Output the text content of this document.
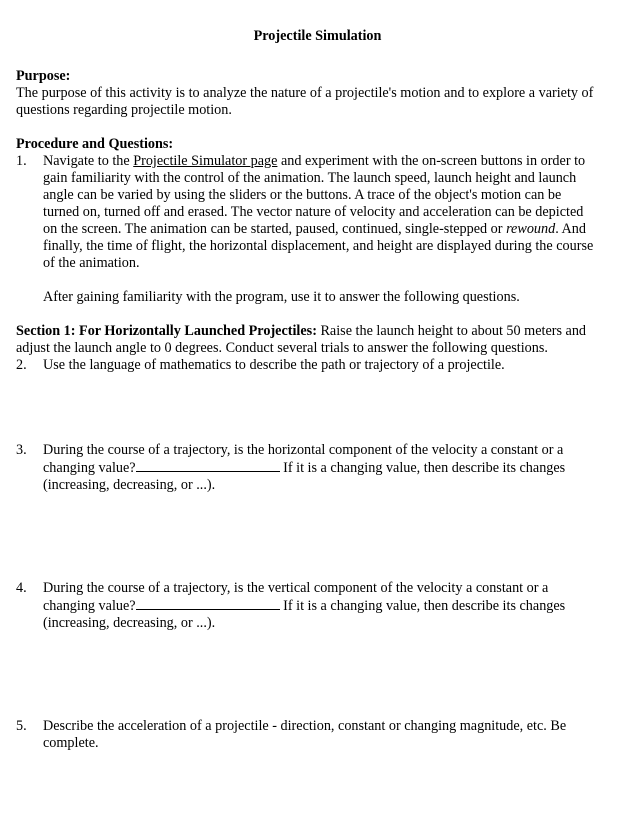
Projectile Simulation

Purpose:

The purpose of this activity is to analyze the nature of a projectile's motion and to explore a variety of questions regarding projectile motion.

Procedure and Questions:

1.	Navigate to the Projectile Simulator page and experiment with the on-screen buttons in order to gain familiarity with the control of the animation. The launch speed, launch height and launch angle can be varied by using the sliders or the buttons. A trace of the object's motion can be turned on, turned off and erased. The vector nature of velocity and acceleration can be depicted on the screen. The animation can be started, paused, continued, single-stepped or rewound. And finally, the time of flight, the horizontal displacement, and height are displayed during the course of the animation.

After gaining familiarity with the program, use it to answer the following questions.

Section 1: For Horizontally Launched Projectiles: Raise the launch height to about 50 meters and adjust the launch angle to 0 degrees. Conduct several trials to answer the following questions.

2.	Use the language of mathematics to describe the path or trajectory of a projectile.
3.	During the course of a trajectory, is the horizontal component of the velocity a constant or a changing value?	If it is a changing value, then describe its changes (increasing, decreasing, or ...).
4.	During the course of a trajectory, is the vertical component of the velocity a constant or a changing value?	If it is a changing value, then describe its changes (increasing, decreasing, or ...).
5.	Describe the acceleration of a projectile - direction, constant or changing magnitude, etc. Be complete.
